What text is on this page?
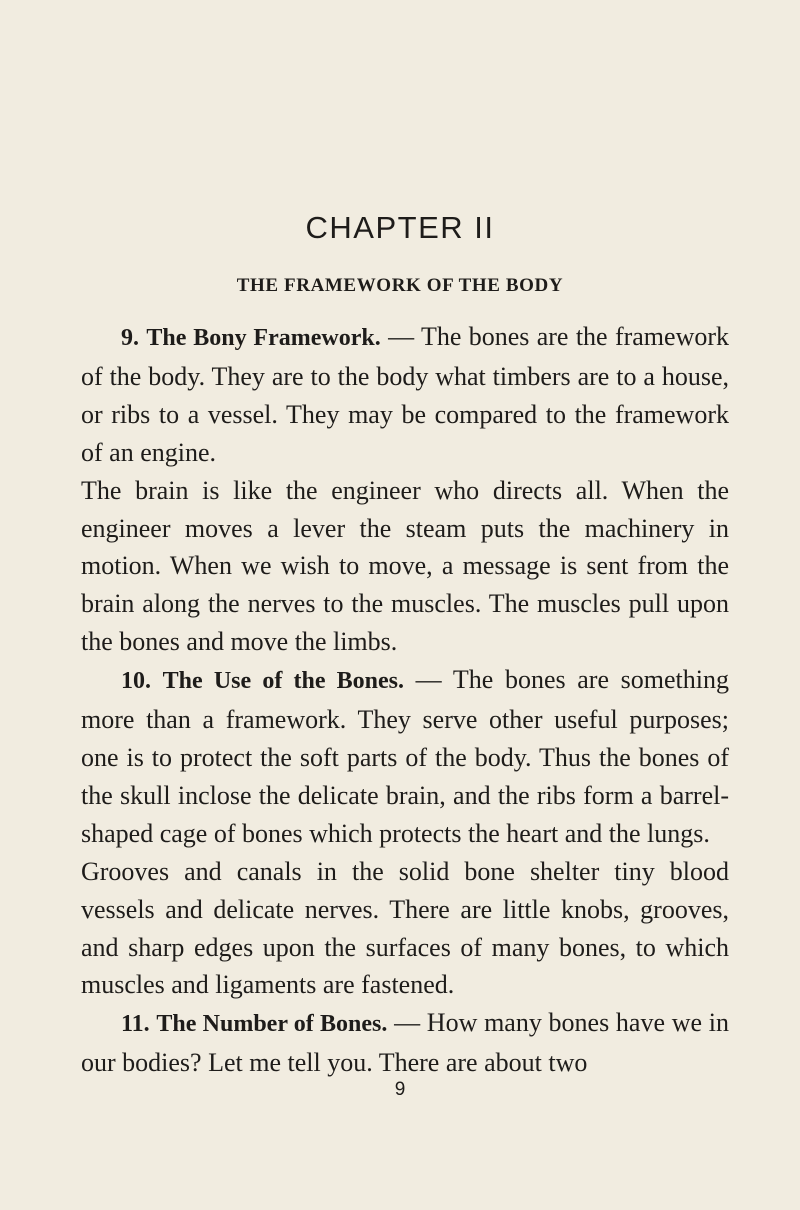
CHAPTER II
THE FRAMEWORK OF THE BODY

9. The Bony Framework. — The bones are the framework of the body. They are to the body what timbers are to a house, or ribs to a vessel. They may be compared to the framework of an engine.

The brain is like the engineer who directs all. When the engineer moves a lever the steam puts the machinery in motion. When we wish to move, a message is sent from the brain along the nerves to the muscles. The muscles pull upon the bones and move the limbs.

10. The Use of the Bones. — The bones are something more than a framework. They serve other useful purposes; one is to protect the soft parts of the body. Thus the bones of the skull inclose the delicate brain, and the ribs form a barrel-shaped cage of bones which protects the heart and the lungs.

Grooves and canals in the solid bone shelter tiny blood vessels and delicate nerves. There are little knobs, grooves, and sharp edges upon the surfaces of many bones, to which muscles and ligaments are fastened.

11. The Number of Bones. — How many bones have we in our bodies? Let me tell you. There are about two

9
